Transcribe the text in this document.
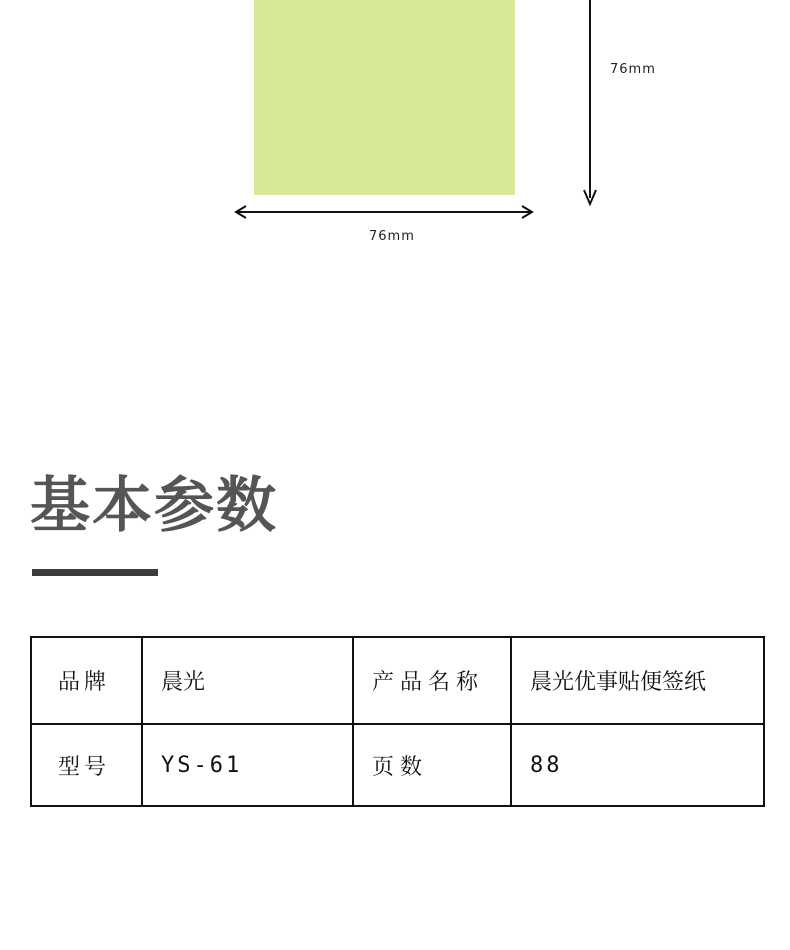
76mm
76mm
基本参数
品牌	晨光	产品名称	晨光优事贴便签纸
型号	YS-61	页数	88
